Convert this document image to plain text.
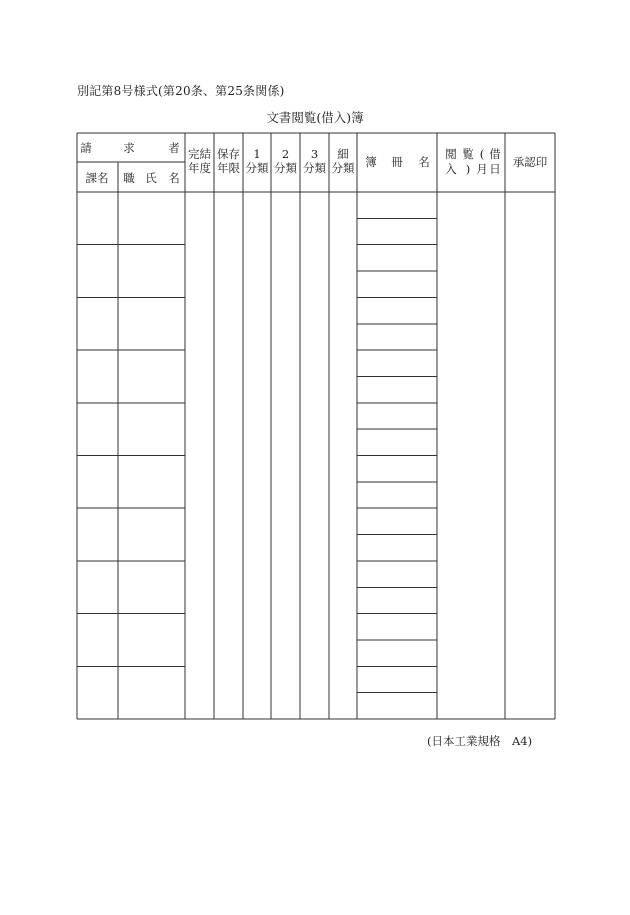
別記第8号様式(第20条、第25条関係)
文書閲覧(借入)簿
請	求	者
課名 職 氏 名
完結
年度
保存
年限
1
分類
2
分類
3
分類
細
分類 簿 冊 名
閲 覧 ( 借
入 ) 月 日 承認印
(日本工業規格　A4)
